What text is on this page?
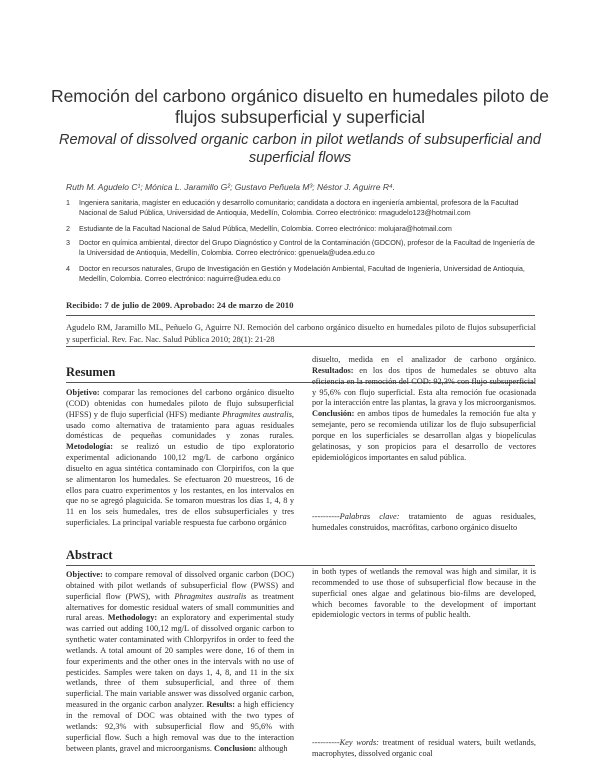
Remoción del carbono orgánico disuelto en humedales piloto de flujos subsuperficial y superficial
Removal of dissolved organic carbon in pilot wetlands of subsuperficial and superficial flows
Ruth M. Agudelo C¹; Mónica L. Jaramillo G²; Gustavo Peñuela M³; Néstor J. Aguirre R⁴.
1 Ingeniera sanitaria, magíster en educación y desarrollo comunitario; candidata a doctora en ingeniería ambiental, profesora de la Facultad Nacional de Salud Pública, Universidad de Antioquia, Medellín, Colombia. Correo electrónico: rmagudelo123@hotmail.com
2 Estudiante de la Facultad Nacional de Salud Pública, Medellín, Colombia. Correo electrónico: molujara@hotmail.com
3 Doctor en química ambiental, director del Grupo Diagnóstico y Control de la Contaminación (GDCON), profesor de la Facultad de Ingeniería de la Universidad de Antioquia, Medellín, Colombia. Correo electrónico: gpenuela@udea.edu.co
4 Doctor en recursos naturales, Grupo de Investigación en Gestión y Modelación Ambiental, Facultad de Ingeniería, Universidad de Antioquia, Medellín, Colombia. Correo electrónico: naguirre@udea.edu.co
Recibido: 7 de julio de 2009. Aprobado: 24 de marzo de 2010
Agudelo RM, Jaramillo ML, Peñuelo G, Aguirre NJ. Remoción del carbono orgánico disuelto en humedales piloto de flujos subsuperficial y superficial. Rev. Fac. Nac. Salud Pública 2010; 28(1): 21-28
Resumen

Objetivo: comparar las remociones del carbono orgánico disuelto (COD) obtenidas con humedales piloto de flujo subsuperficial (HFSS) y de flujo superficial (HFS) mediante Phragmites australis, usado como alternativa de tratamiento para aguas residuales domésticas de pequeñas comunidades y zonas rurales. Metodología: se realizó un estudio de tipo exploratorio experimental adicionando 100,12 mg/L de carbono orgánico disuelto en agua sintética contaminado con Clorpirifos, con la que se alimentaron los humedales. Se efectuaron 20 muestreos, 16 de ellos para cuatro experimentos y los restantes, en los intervalos en que no se agregó plaguicida. Se tomaron muestras los días 1, 4, 8 y 11 en los seis humedales, tres de ellos subsuperficiales y tres superficiales. La principal variable respuesta fue carbono orgánico

----------Palabras clave: tratamiento de aguas residuales, humedales construidos, macrófitas, carbono orgánico disuelto

Abstract

Objective: to compare removal of dissolved organic carbon (DOC) obtained with pilot wetlands of subsuperficial flow (PWSS) and superficial flow (PWS), with Phragmites australis as treatment alternatives for domestic residual waters of small communities and rural areas. Methodology: an exploratory and experimental study was carried out adding 100,12 mg/L of dissolved organic carbon to synthetic water contaminated with Chlorpyrifos in order to feed the wetlands. A total amount of 20 samples were done, 16 of them in four experiments and the other ones in the intervals with no use of pesticides. Samples were taken on days 1, 4, 8, and 11 in the six wetlands, three of them subsuperficial, and three of them superficial. The main variable answer was dissolved organic carbon, measured in the organic carbon analyzer. Results: a high efficiency in the removal of DOC was obtained with the two types of wetlands: 92,3% with subsuperficial flow and 95,6% with superficial flow. Such a high removal was due to the interaction between plants, gravel and microorganisms. Conclusion: although

----------Key words: treatment of residual waters, built wetlands, macrophytes, dissolved organic coal

disuelto, medida en el analizador de carbono orgánico. Resultados: en los dos tipos de humedales se obtuvo alta eficiencia en la remoción del COD: 92,3% con flujo subsuperficial y 95,6% con flujo superficial. Esta alta remoción fue ocasionada por la interacción entre las plantas, la grava y los microorganismos. Conclusión: en ambos tipos de humedales la remoción fue alta y semejante, pero se recomienda utilizar los de flujo subsuperficial porque en los superficiales se desarrollan algas y biopelículas gelatinosas, y son propicios para el desarrollo de vectores epidemiológicos importantes en salud pública.

in both types of wetlands the removal was high and similar, it is recommended to use those of subsuperficial flow because in the superficial ones algae and gelatinous bio-films are developed, which becomes favorable to the development of important epidemiologic vectors in terms of public health.
